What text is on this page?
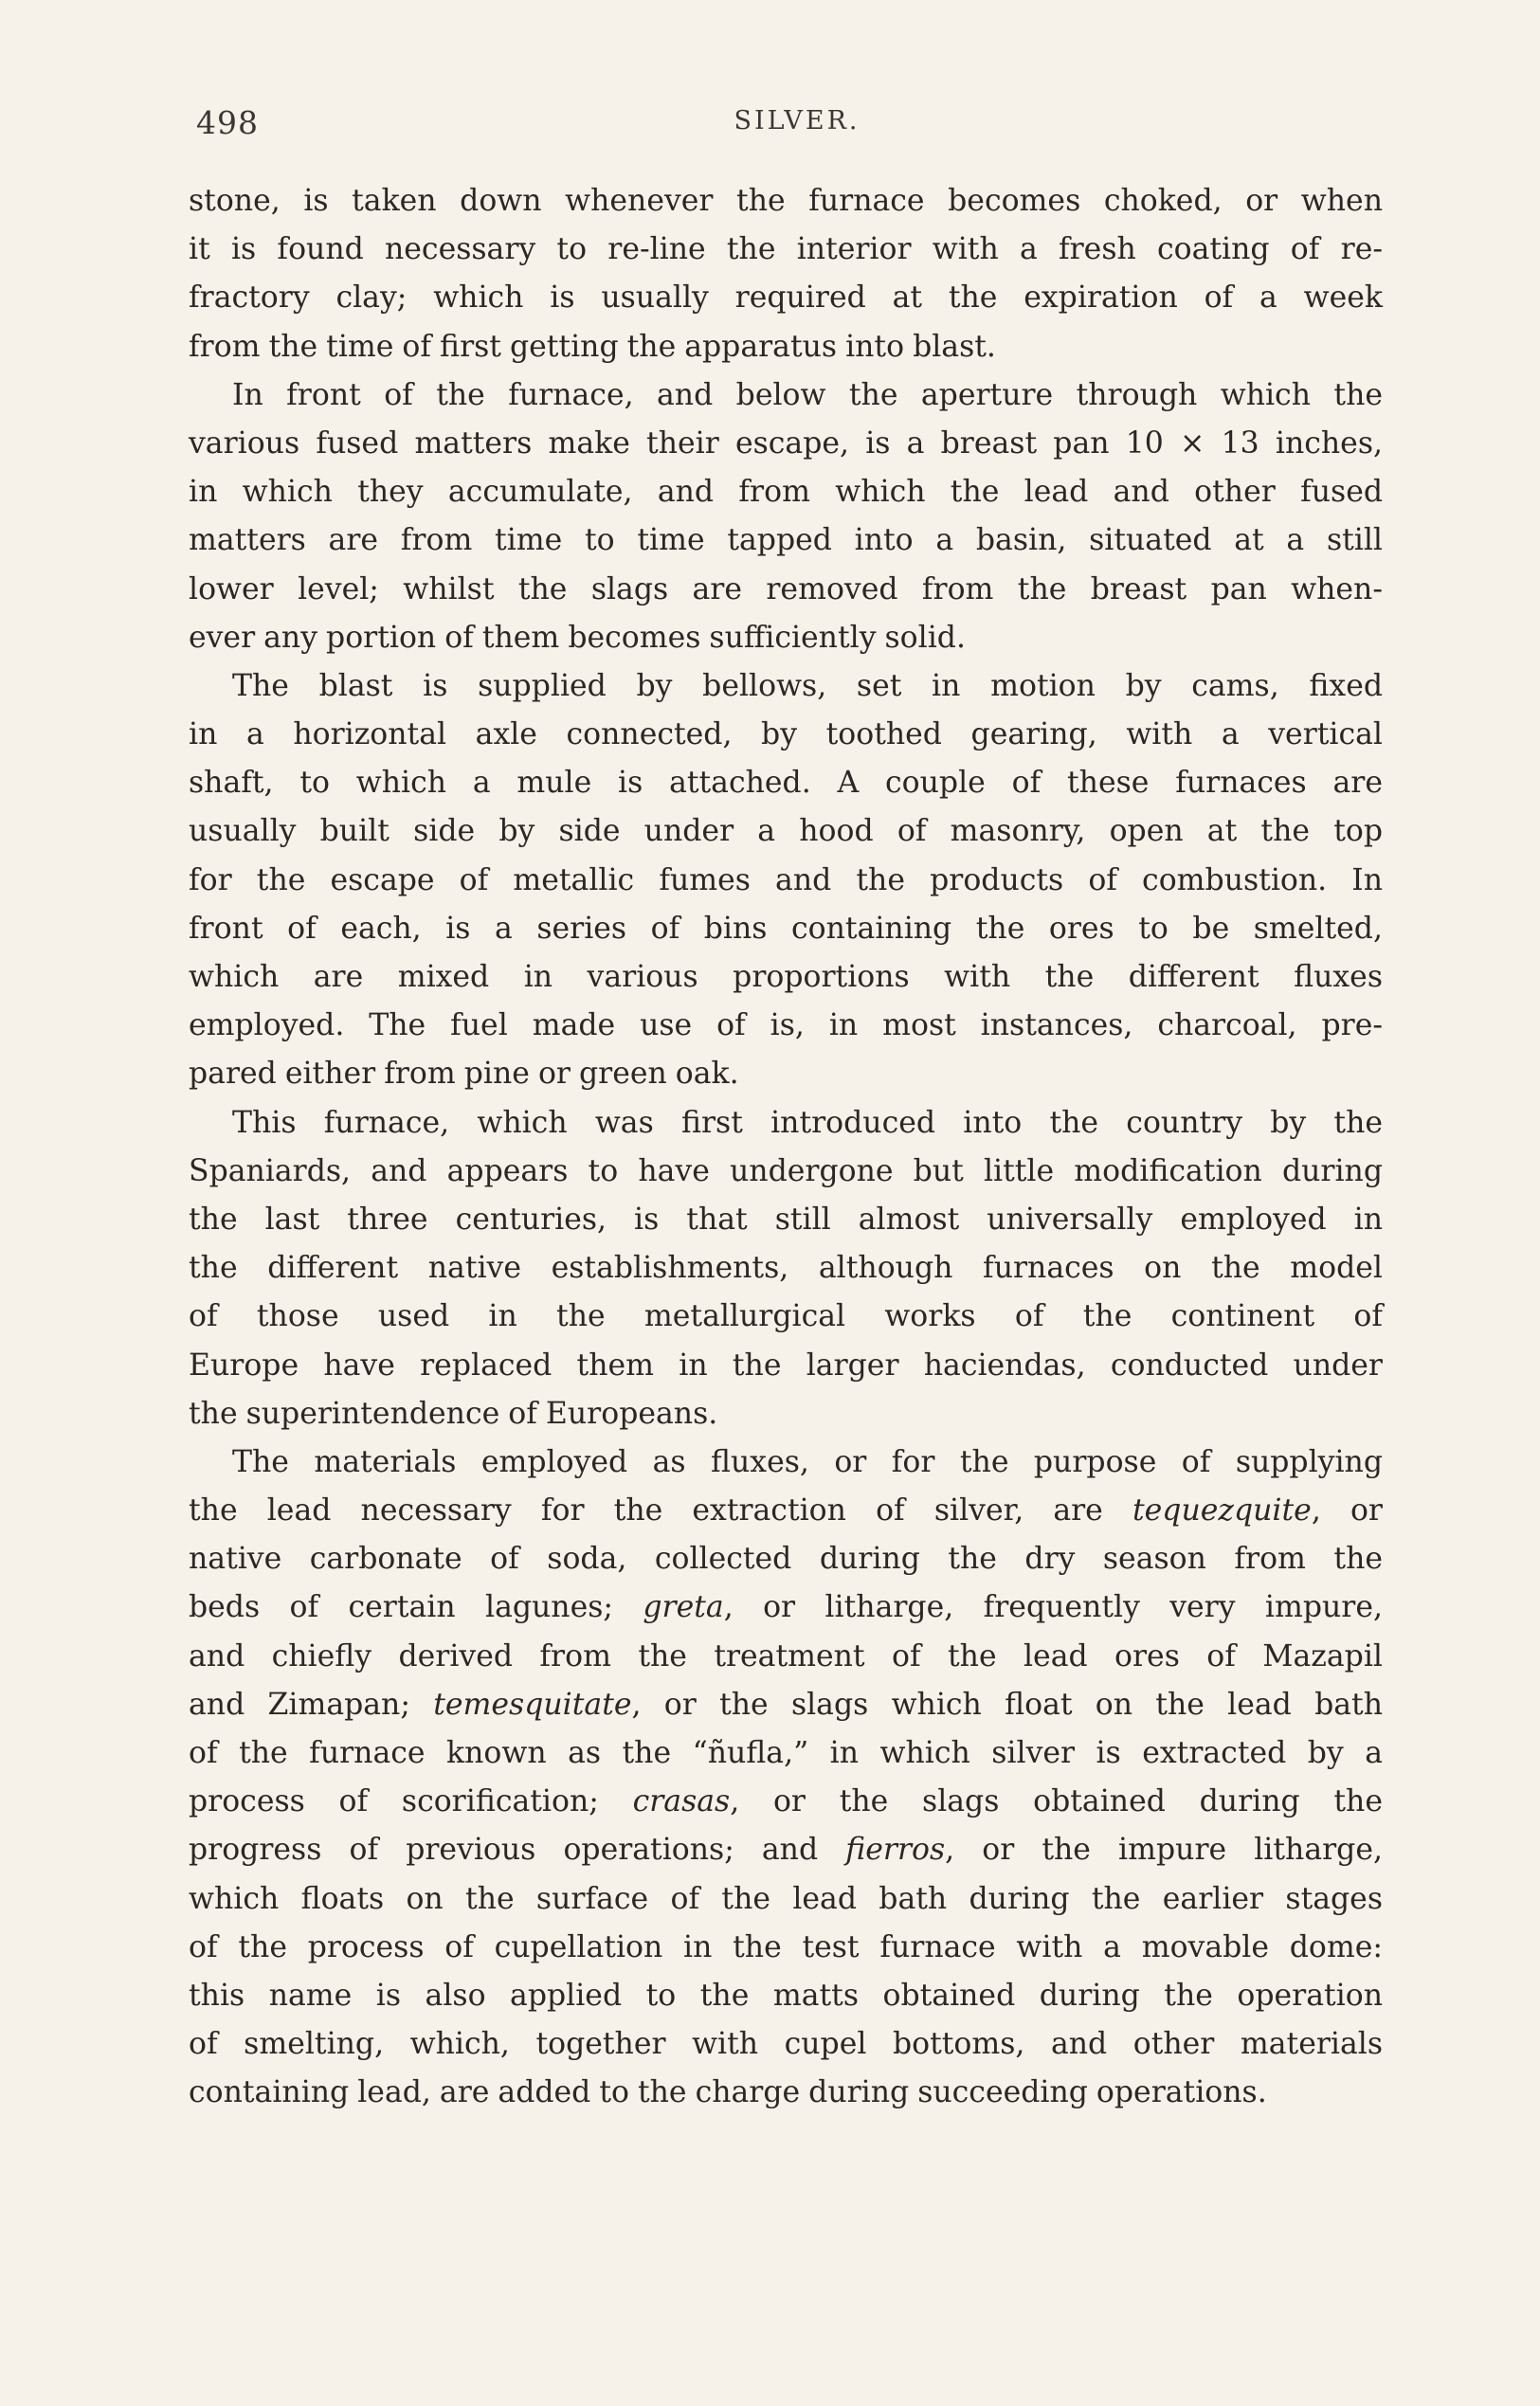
498	SILVER.
stone, is taken down whenever the furnace becomes choked, or when
it is found necessary to re-line the interior with a fresh coating of re-
fractory clay; which is usually required at the expiration of a week
from the time of first getting the apparatus into blast.
In front of the furnace, and below the aperture through which the
various fused matters make their escape, is a breast pan 10 × 13 inches,
in which they accumulate, and from which the lead and other fused
matters are from time to time tapped into a basin, situated at a still
lower level; whilst the slags are removed from the breast pan when-
ever any portion of them becomes sufficiently solid.
The blast is supplied by bellows, set in motion by cams, fixed
in a horizontal axle connected, by toothed gearing, with a vertical
shaft, to which a mule is attached. A couple of these furnaces are
usually built side by side under a hood of masonry, open at the top
for the escape of metallic fumes and the products of combustion. In
front of each, is a series of bins containing the ores to be smelted,
which are mixed in various proportions with the different fluxes
employed. The fuel made use of is, in most instances, charcoal, pre-
pared either from pine or green oak.
This furnace, which was first introduced into the country by the
Spaniards, and appears to have undergone but little modification during
the last three centuries, is that still almost universally employed in
the different native establishments, although furnaces on the model
of those used in the metallurgical works of the continent of
Europe have replaced them in the larger haciendas, conducted under
the superintendence of Europeans.
The materials employed as fluxes, or for the purpose of supplying
the lead necessary for the extraction of silver, are tequezquite, or
native carbonate of soda, collected during the dry season from the
beds of certain lagunes; greta, or litharge, frequently very impure,
and chiefly derived from the treatment of the lead ores of Mazapil
and Zimapan; temesquitate, or the slags which float on the lead bath
of the furnace known as the “ñufla,” in which silver is extracted by a
process of scorification; crasas, or the slags obtained during the
progress of previous operations; and fierros, or the impure litharge,
which floats on the surface of the lead bath during the earlier stages
of the process of cupellation in the test furnace with a movable dome:
this name is also applied to the matts obtained during the operation
of smelting, which, together with cupel bottoms, and other materials
containing lead, are added to the charge during succeeding operations.
